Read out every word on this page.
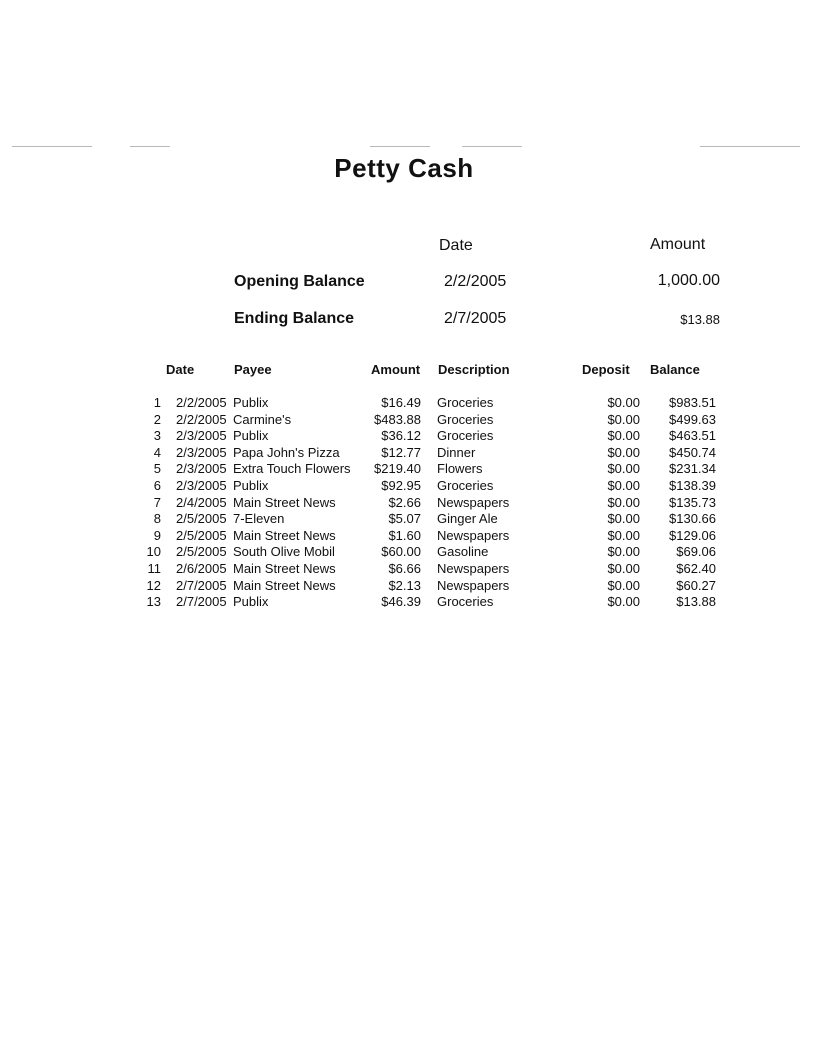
Petty Cash
Date	Amount
Opening Balance	2/2/2005	1,000.00
Ending Balance	2/7/2005	$13.88
Date	Payee	Amount Description	Deposit Balance
1 2/2/2005 Publix	$16.49 Groceries	$0.00 $983.51
2 2/2/2005 Carmine's	$483.88 Groceries	$0.00 $499.63
3 2/3/2005 Publix	$36.12 Groceries	$0.00 $463.51
4 2/3/2005 Papa John's Pizza	$12.77 Dinner	$0.00 $450.74
5 2/3/2005 Extra Touch Flowers $219.40 Flowers	$0.00 $231.34
6 2/3/2005 Publix	$92.95 Groceries	$0.00 $138.39
7 2/4/2005 Main Street News	$2.66 Newspapers	$0.00 $135.73
8 2/5/2005 7-Eleven	$5.07 Ginger Ale	$0.00 $130.66
9 2/5/2005 Main Street News	$1.60 Newspapers	$0.00 $129.06
10 2/5/2005 South Olive Mobil	$60.00 Gasoline	$0.00	$69.06
11 2/6/2005 Main Street News	$6.66 Newspapers	$0.00	$62.40
12 2/7/2005 Main Street News	$2.13 Newspapers	$0.00	$60.27
13 2/7/2005 Publix	$46.39 Groceries	$0.00	$13.88
